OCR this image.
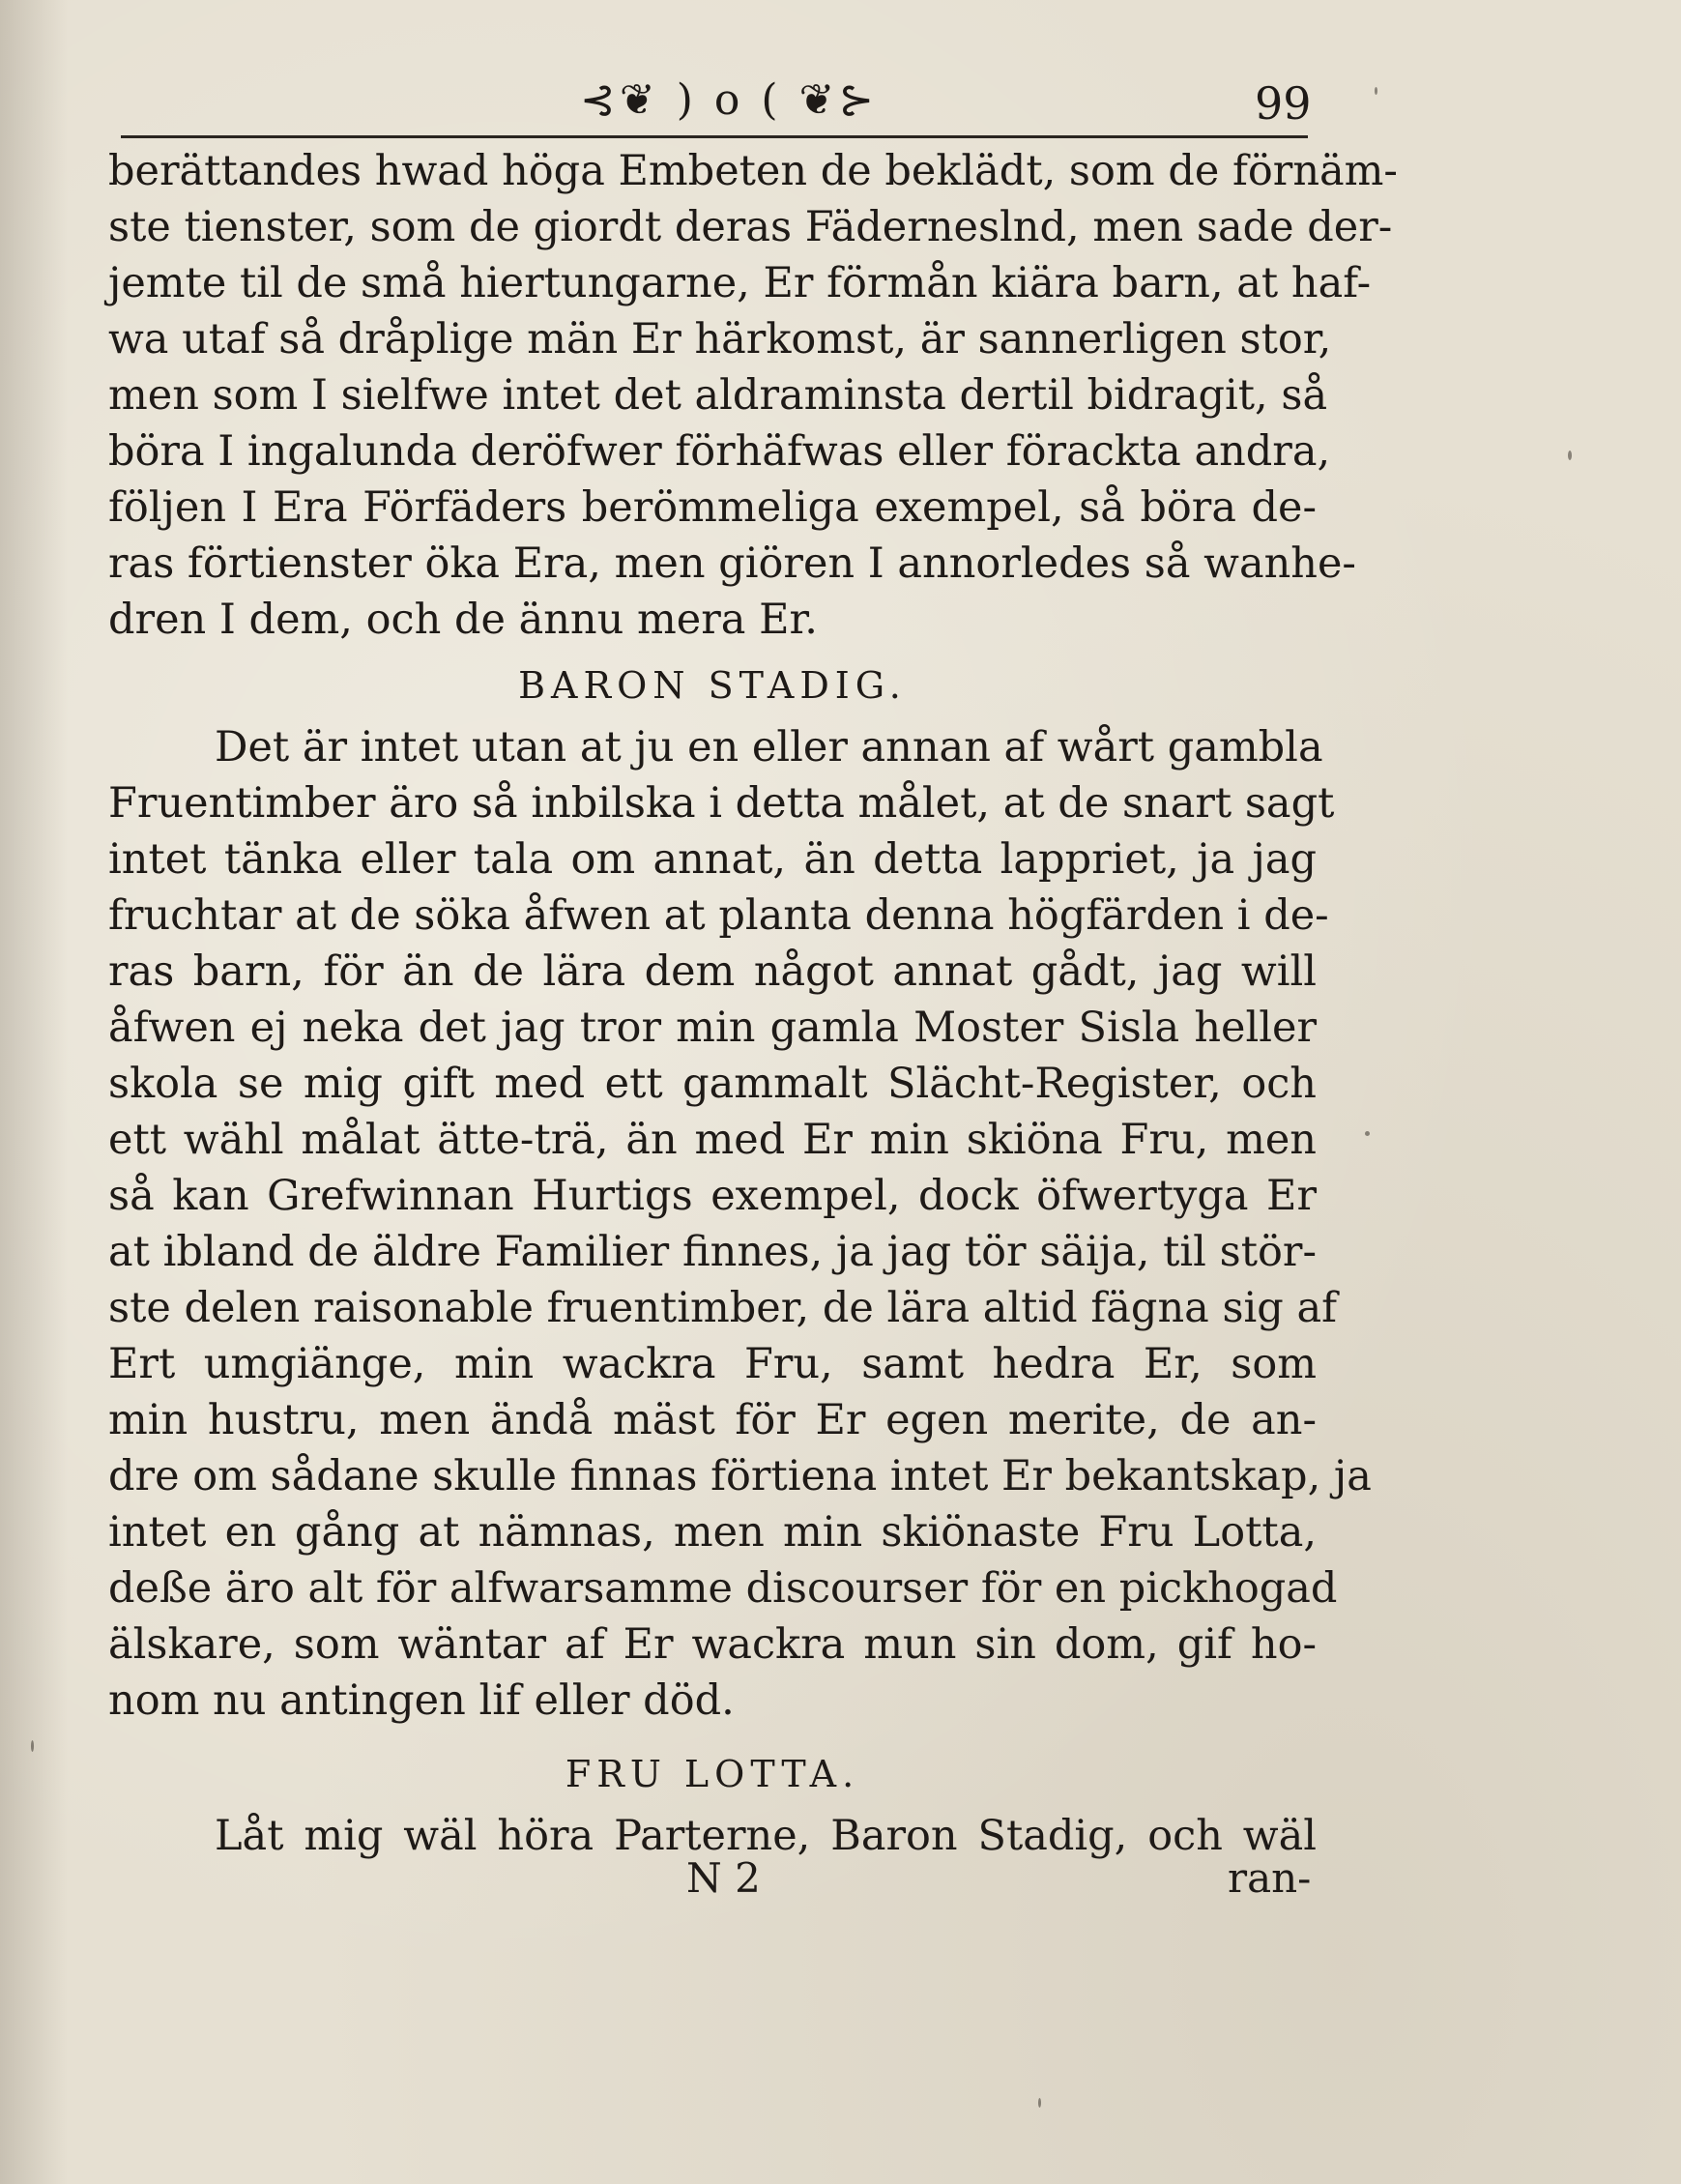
⊰❦ ) o ( ❦⊱	99
berättandes hwad höga Embeten de beklädt, som de förnäm-
ste tienster, som de giordt deras Fäderneslnd, men sade der-
jemte til de små hiertungarne, Er förmån kiära barn, at haf-
wa utaf så dråplige män Er härkomst, är sannerligen stor,
men som I sielfwe intet det aldraminsta dertil bidragit, så
böra I ingalunda deröfwer förhäfwas eller förackta andra,
följen I Era Förfäders berömmeliga exempel, så böra de-
ras förtienster öka Era, men giören I annorledes så wanhe-
dren I dem, och de ännu mera Er.
BARON STADIG.
Det är intet utan at ju en eller annan af wårt gambla
Fruentimber äro så inbilska i detta målet, at de snart sagt
intet tänka eller tala om annat, än detta lappriet, ja jag
fruchtar at de söka åfwen at planta denna högfärden i de-
ras barn, för än de lära dem något annat gådt, jag will
åfwen ej neka det jag tror min gamla Moster Sisla heller
skola se mig gift med ett gammalt Slächt-Register, och
ett wähl målat ätte-trä, än med Er min skiöna Fru, men
så kan Grefwinnan Hurtigs exempel, dock öfwertyga Er
at ibland de äldre Familier finnes, ja jag tör säija, til stör-
ste delen raisonable fruentimber, de lära altid fägna sig af
Ert umgiänge, min wackra Fru, samt hedra Er, som
min hustru, men ändå mäst för Er egen merite, de an-
dre om sådane skulle finnas förtiena intet Er bekantskap, ja
intet en gång at nämnas, men min skiönaste Fru Lotta,
deße äro alt för alfwarsamme discourser för en pickhogad
älskare, som wäntar af Er wackra mun sin dom, gif ho-
nom nu antingen lif eller död.
FRU LOTTA.
Låt mig wäl höra Parterne, Baron Stadig, och wäl
N 2	ran-
